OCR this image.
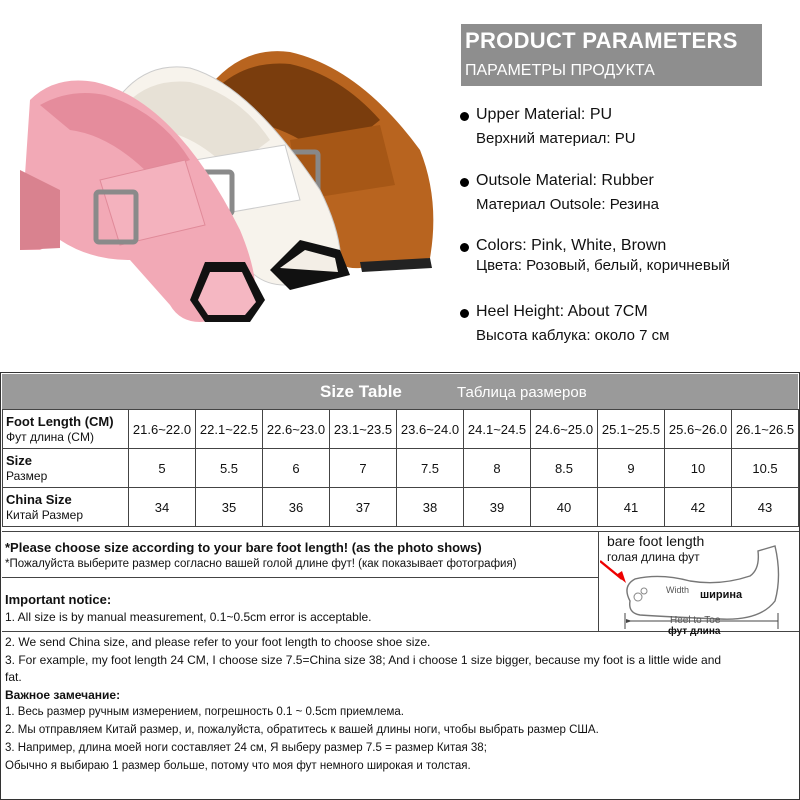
PRODUCT PARAMETERS
ПАРАМЕТРЫ ПРОДУКТА
Upper Material: PU
Верхний материал: PU
Outsole Material: Rubber
Материал Outsole: Резина
Colors: Pink, White, Brown
Цвета: Розовый, белый, коричневый
Heel Height: About 7CM
Высота каблука: около 7 см
Size Table	Таблица размеров
Foot Length (CM)
Фут длина (CM)	21.6~22.0	22.1~22.5	22.6~23.0	23.1~23.5	23.6~24.0	24.1~24.5	24.6~25.0	25.1~25.5	25.6~26.0	26.1~26.5
Size
Размер	5	5.5	6	7	7.5	8	8.5	9	10	10.5
China Size
Китай Размер	34	35	36	37	38	39	40	41	42	43
*Please choose size according to your bare foot length! (as the photo shows)
*Пожалуйста выберите размер согласно вашей голой длине фут! (как показывает фотография)
Important notice:
1. All size is by manual measurement, 0.1~0.5cm error is acceptable.
2. We send China size, and please refer to your foot length to choose shoe size.
3. For example, my foot length 24 CM, I choose size 7.5=China size 38; And i choose 1 size bigger, because my foot is a little wide and
fat.
Важное замечание:
1. Весь размер ручным измерением, погрешность 0.1 ~ 0.5cm приемлема.
2. Мы отправляем Китай размер, и, пожалуйста, обратитесь к вашей длины ноги, чтобы выбрать размер США.
3. Например, длина моей ноги составляет 24 см, Я выберу размер 7.5 = размер Китая 38;
Обычно я выбираю 1 размер больше, потому что моя фут немного широкая и толстая.
bare foot length
голая длина фут
Width ширина
Heel to Toe
фут длина
